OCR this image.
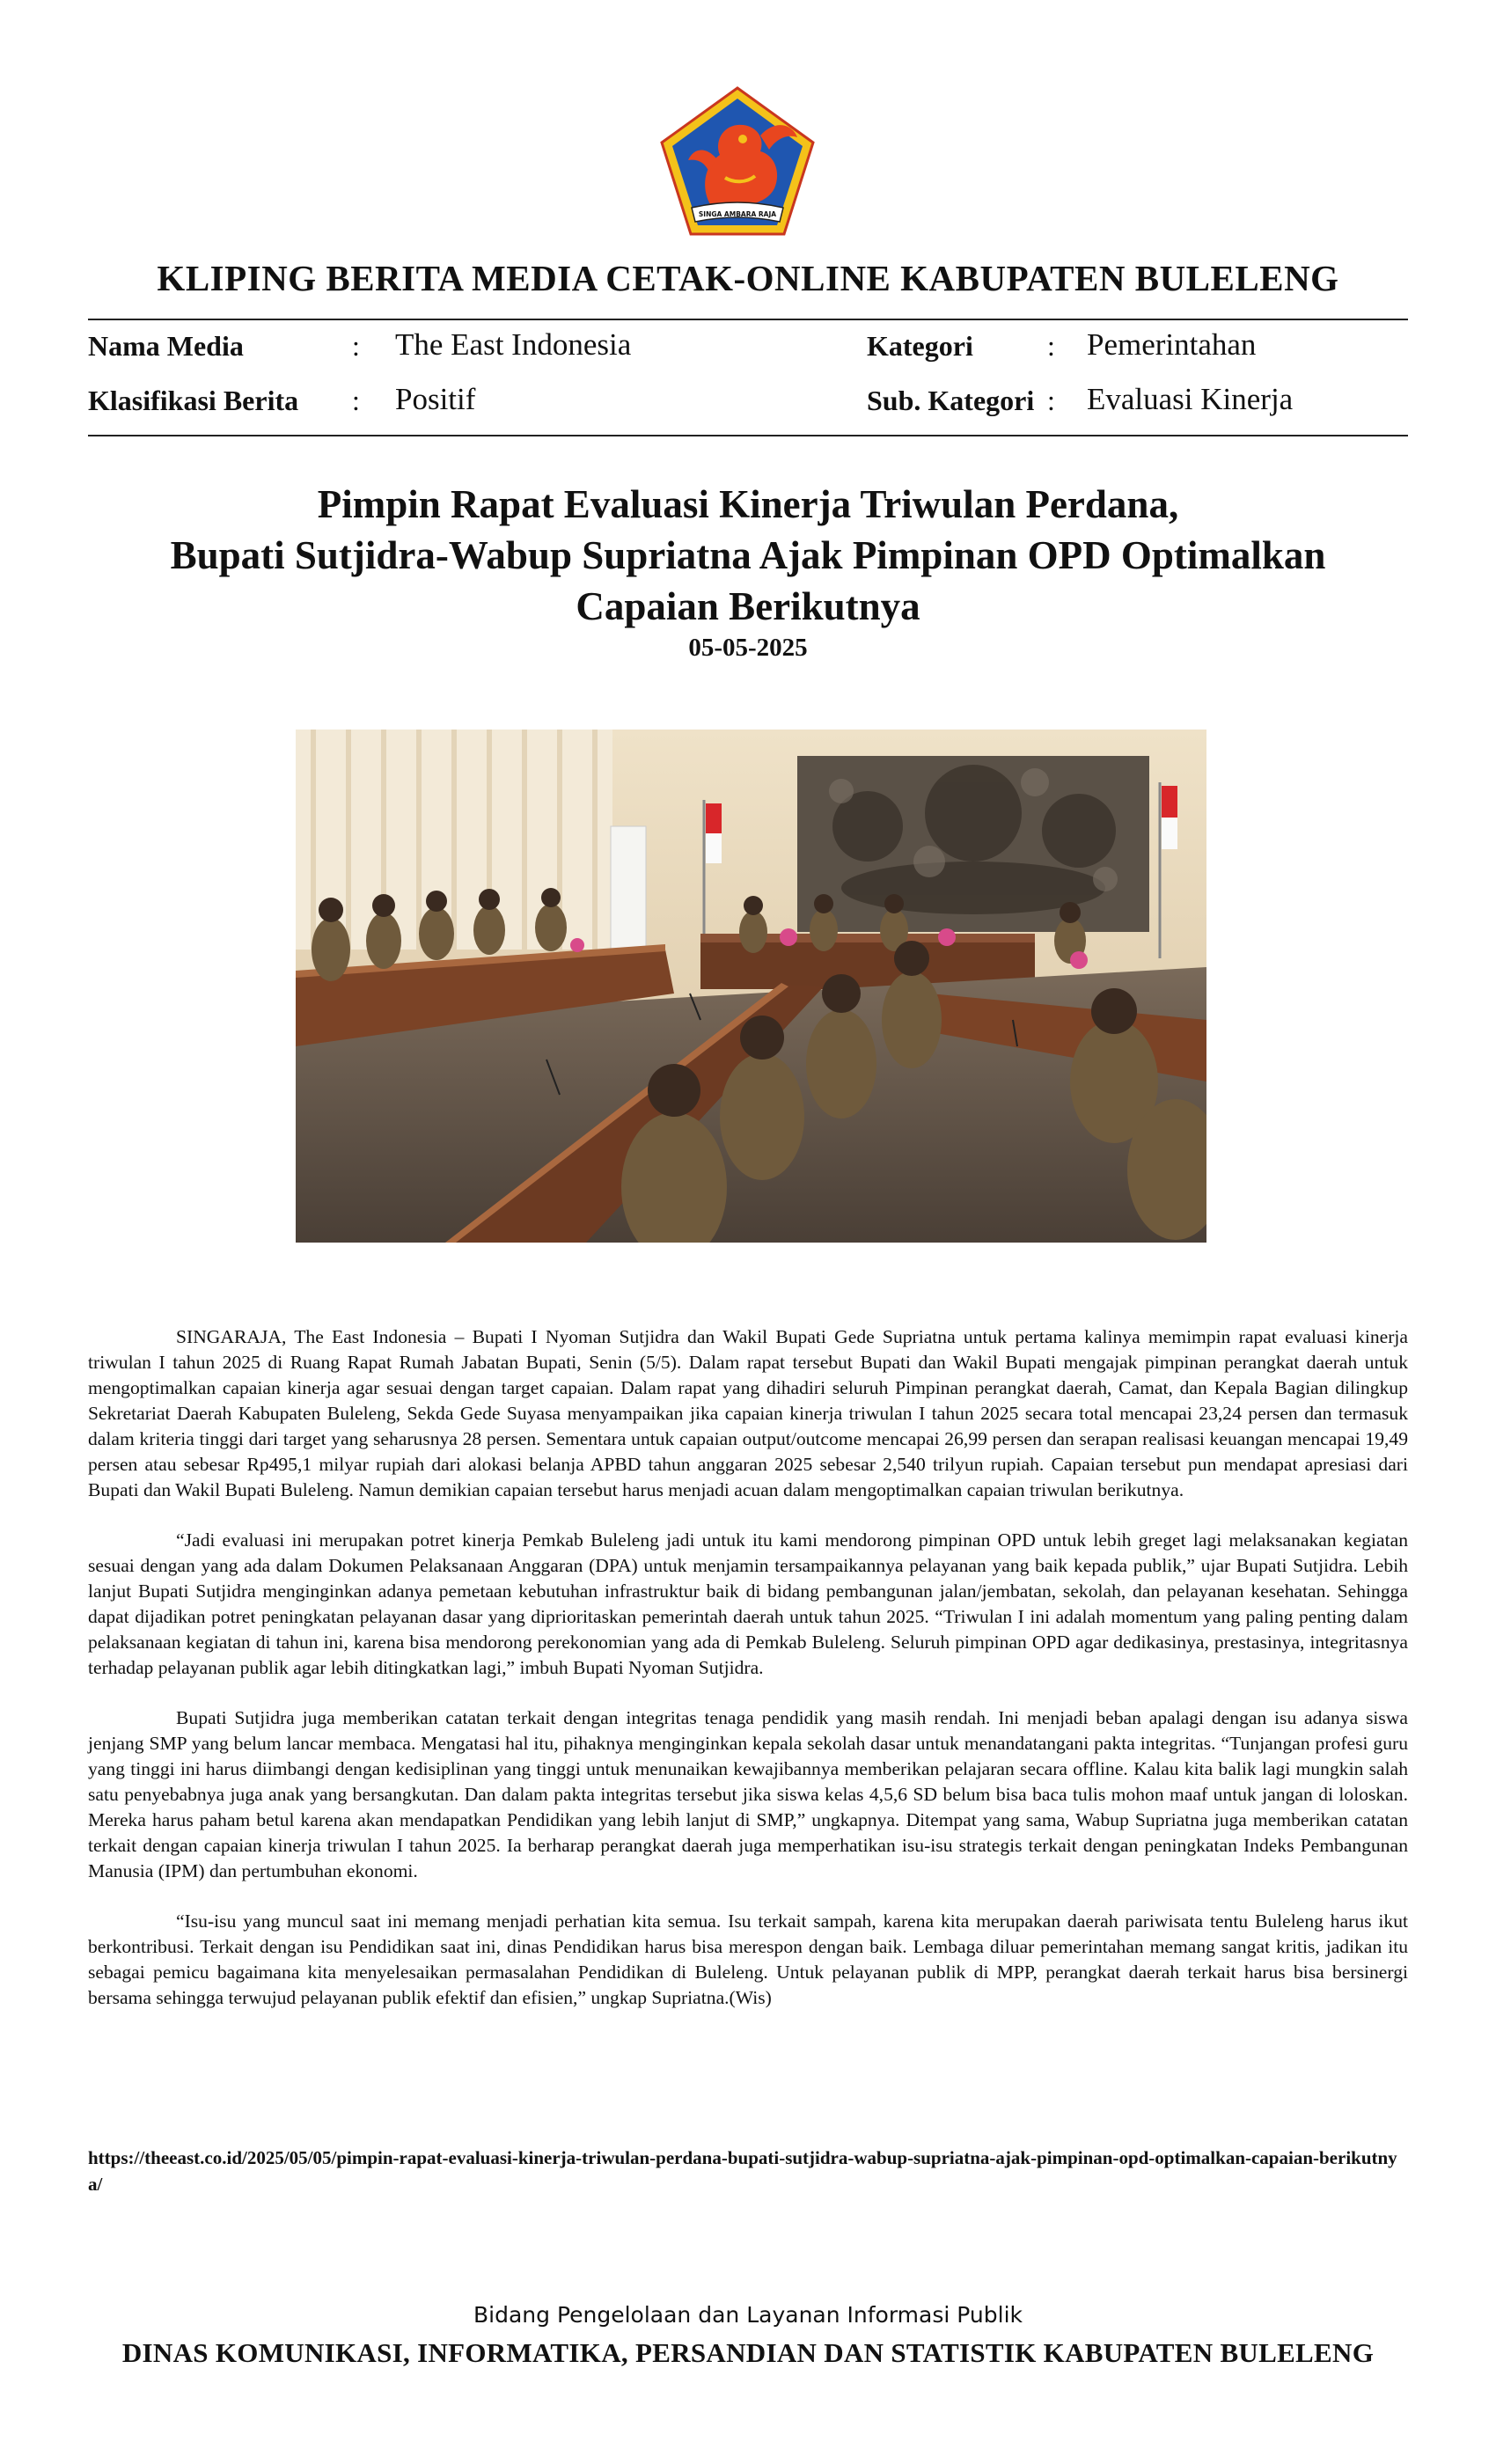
SINGA AMBARA RAJA
KLIPING BERITA MEDIA CETAK-ONLINE KABUPATEN BULELENG
Nama Media	: The East Indonesia	Kategori	: Pemerintahan
Klasifikasi Berita : Positif	Sub. Kategori : Evaluasi Kinerja
Pimpin Rapat Evaluasi Kinerja Triwulan Perdana,
Bupati Sutjidra-Wabup Supriatna Ajak Pimpinan OPD Optimalkan
Capaian Berikutnya
05-05-2025

SINGARAJA, The East Indonesia – Bupati I Nyoman Sutjidra dan Wakil Bupati Gede Supriatna untuk pertama kalinya memimpin rapat evaluasi kinerja triwulan I tahun 2025 di Ruang Rapat Rumah Jabatan Bupati, Senin (5/5). Dalam rapat tersebut Bupati dan Wakil Bupati mengajak pimpinan perangkat daerah untuk mengoptimalkan capaian kinerja agar sesuai dengan target capaian. Dalam rapat yang dihadiri seluruh Pimpinan perangkat daerah, Camat, dan Kepala Bagian dilingkup Sekretariat Daerah Kabupaten Buleleng, Sekda Gede Suyasa menyampaikan jika capaian kinerja triwulan I tahun 2025 secara total mencapai 23,24 persen dan termasuk dalam kriteria tinggi dari target yang seharusnya 28 persen. Sementara untuk capaian output/outcome mencapai 26,99 persen dan serapan realisasi keuangan mencapai 19,49 persen atau sebesar Rp495,1 milyar rupiah dari alokasi belanja APBD tahun anggaran 2025 sebesar 2,540 trilyun rupiah. Capaian tersebut pun mendapat apresiasi dari Bupati dan Wakil Bupati Buleleng. Namun demikian capaian tersebut harus menjadi acuan dalam mengoptimalkan capaian triwulan berikutnya.

“Jadi evaluasi ini merupakan potret kinerja Pemkab Buleleng jadi untuk itu kami mendorong pimpinan OPD untuk lebih greget lagi melaksanakan kegiatan sesuai dengan yang ada dalam Dokumen Pelaksanaan Anggaran (DPA) untuk menjamin tersampaikannya pelayanan yang baik kepada publik,” ujar Bupati Sutjidra. Lebih lanjut Bupati Sutjidra menginginkan adanya pemetaan kebutuhan infrastruktur baik di bidang pembangunan jalan/jembatan, sekolah, dan pelayanan kesehatan. Sehingga dapat dijadikan potret peningkatan pelayanan dasar yang diprioritaskan pemerintah daerah untuk tahun 2025. “Triwulan I ini adalah momentum yang paling penting dalam pelaksanaan kegiatan di tahun ini, karena bisa mendorong perekonomian yang ada di Pemkab Buleleng. Seluruh pimpinan OPD agar dedikasinya, prestasinya, integritasnya terhadap pelayanan publik agar lebih ditingkatkan lagi,” imbuh Bupati Nyoman Sutjidra.

Bupati Sutjidra juga memberikan catatan terkait dengan integritas tenaga pendidik yang masih rendah. Ini menjadi beban apalagi dengan isu adanya siswa jenjang SMP yang belum lancar membaca. Mengatasi hal itu, pihaknya menginginkan kepala sekolah dasar untuk menandatangani pakta integritas. “Tunjangan profesi guru yang tinggi ini harus diimbangi dengan kedisiplinan yang tinggi untuk menunaikan kewajibannya memberikan pelajaran secara offline. Kalau kita balik lagi mungkin salah satu penyebabnya juga anak yang bersangkutan. Dan dalam pakta integritas tersebut jika siswa kelas 4,5,6 SD belum bisa baca tulis mohon maaf untuk jangan di loloskan. Mereka harus paham betul karena akan mendapatkan Pendidikan yang lebih lanjut di SMP,” ungkapnya. Ditempat yang sama, Wabup Supriatna juga memberikan catatan terkait dengan capaian kinerja triwulan I tahun 2025. Ia berharap perangkat daerah juga memperhatikan isu-isu strategis terkait dengan peningkatan Indeks Pembangunan Manusia (IPM) dan pertumbuhan ekonomi.

“Isu-isu yang muncul saat ini memang menjadi perhatian kita semua. Isu terkait sampah, karena kita merupakan daerah pariwisata tentu Buleleng harus ikut berkontribusi. Terkait dengan isu Pendidikan saat ini, dinas Pendidikan harus bisa merespon dengan baik. Lembaga diluar pemerintahan memang sangat kritis, jadikan itu sebagai pemicu bagaimana kita menyelesaikan permasalahan Pendidikan di Buleleng. Untuk pelayanan publik di MPP, perangkat daerah terkait harus bisa bersinergi bersama sehingga terwujud pelayanan publik efektif dan efisien,” ungkap Supriatna.(Wis)

https://theeast.co.id/2025/05/05/pimpin-rapat-evaluasi-kinerja-triwulan-perdana-bupati-sutjidra-wabup-supriatna-ajak-pimpinan-opd-optimalkan-capaian-berikutnya/
Bidang Pengelolaan dan Layanan Informasi Publik
DINAS KOMUNIKASI, INFORMATIKA, PERSANDIAN DAN STATISTIK KABUPATEN BULELENG
